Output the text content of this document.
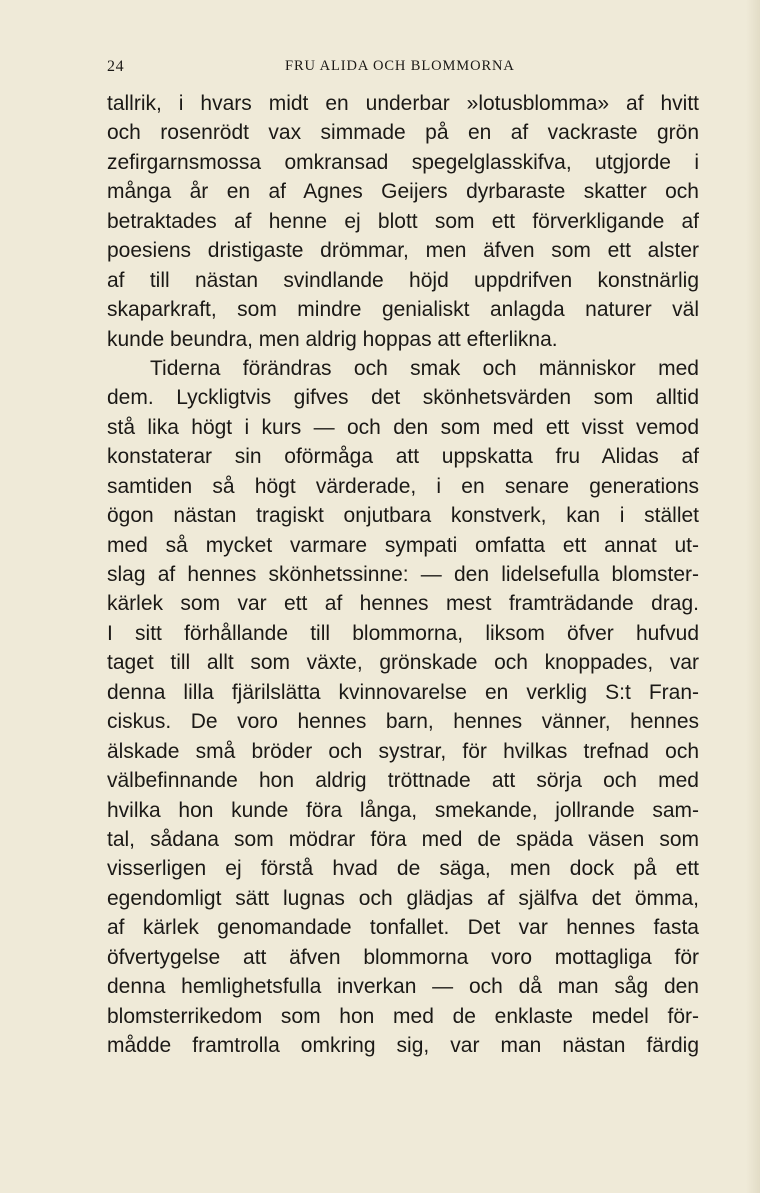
24	FRU ALIDA OCH BLOMMORNA
tallrik, i hvars midt en underbar »lotusblomma» af hvitt
och rosenrödt vax simmade på en af vackraste grön
zefirgarnsmossa omkransad spegelglasskifva, utgjorde i
många år en af Agnes Geijers dyrbaraste skatter och
betraktades af henne ej blott som ett förverkligande af
poesiens dristigaste drömmar, men äfven som ett alster
af till nästan svindlande höjd uppdrifven konstnärlig
skaparkraft, som mindre genialiskt anlagda naturer väl
kunde beundra, men aldrig hoppas att efterlikna.
Tiderna förändras och smak och människor med
dem. Lyckligtvis gifves det skönhetsvärden som alltid
stå lika högt i kurs — och den som med ett visst vemod
konstaterar sin oförmåga att uppskatta fru Alidas af
samtiden så högt värderade, i en senare generations
ögon nästan tragiskt onjutbara konstverk, kan i stället
med så mycket varmare sympati omfatta ett annat ut-
slag af hennes skönhetssinne: — den lidelsefulla blomster-
kärlek som var ett af hennes mest framträdande drag.
I sitt förhållande till blommorna, liksom öfver hufvud
taget till allt som växte, grönskade och knoppades, var
denna lilla fjärilslätta kvinnovarelse en verklig S:t Fran-
ciskus. De voro hennes barn, hennes vänner, hennes
älskade små bröder och systrar, för hvilkas trefnad och
välbefinnande hon aldrig tröttnade att sörja och med
hvilka hon kunde föra långa, smekande, jollrande sam-
tal, sådana som mödrar föra med de späda väsen som
visserligen ej förstå hvad de säga, men dock på ett
egendomligt sätt lugnas och glädjas af själfva det ömma,
af kärlek genomandade tonfallet. Det var hennes fasta
öfvertygelse att äfven blommorna voro mottagliga för
denna hemlighetsfulla inverkan — och då man såg den
blomsterrikedom som hon med de enklaste medel för-
mådde framtrolla omkring sig, var man nästan färdig
